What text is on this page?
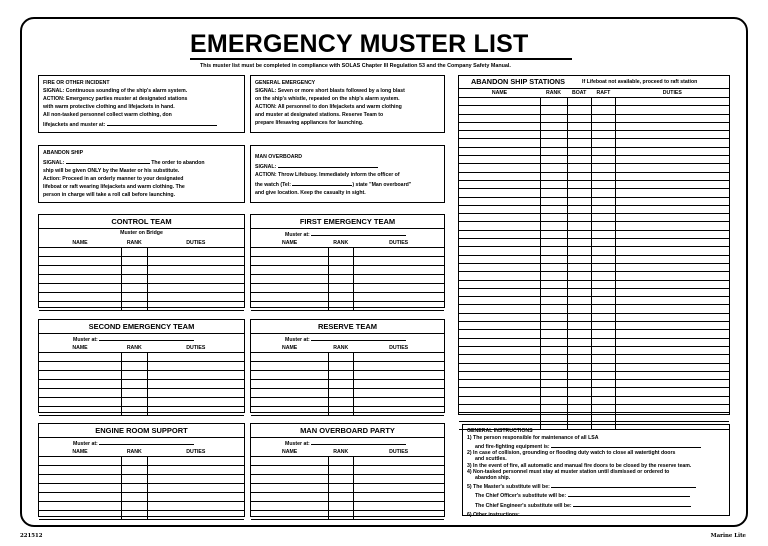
EMERGENCY MUSTER LIST
This muster list must be completed in compliance with SOLAS Chapter III Regulation 53 and the Company Safety Manual.
FIRE OR OTHER INCIDENT
SIGNAL: Continuous sounding of the ship's alarm system.
ACTION: Emergency parties muster at designated stations
with warm protective clothing and lifejackets in hand.
All non-tasked personnel collect warm clothing, don
lifejackets and muster at:
GENERAL EMERGENCY
SIGNAL: Seven or more short blasts followed by a long blast
on the ship's whistle, repeated on the ship's alarm system.
ACTION: All personnel to don lifejackets and warm clothing
and muster at designated stations. Reserve Team to
prepare lifesaving appliances for launching.
ABANDON SHIP
SIGNAL:	The order to abandon
ship will be given ONLY by the Master or his substitute.
Action: Proceed in an orderly manner to your designated
lifeboat or raft wearing lifejackets and warm clothing. The
person in charge will take a roll call before launching.
MAN OVERBOARD
SIGNAL:
ACTION: Throw Lifebuoy. Immediately inform the officer of
the watch (Tel:	) state "Man overboard"
and give location. Keep the casualty in sight.
CONTROL TEAM
Muster on Bridge
NAME	RANK	DUTIES

FIRST EMERGENCY TEAM
Muster at:
NAME	RANK	DUTIES

SECOND EMERGENCY TEAM
Muster at:
NAME	RANK	DUTIES

RESERVE TEAM
Muster at:
NAME	RANK	DUTIES

ENGINE ROOM SUPPORT
Muster at:
NAME	RANK	DUTIES

MAN OVERBOARD PARTY
Muster at:
NAME	RANK	DUTIES

ABANDON SHIP STATIONS	If Lifeboat not available, proceed to raft station
NAME	RANK	BOAT	RAFT	DUTIES

GENERAL INSTRUCTIONS
1) The person responsible for maintenance of all LSA
and fire-fighting equipment is:
2) In case of collision, grounding or flooding duty watch to close all watertight doors
and scuttles.
3) In the event of fire, all automatic and manual fire doors to be closed by the reserve team.
4) Non-tasked personnel must stay at muster station until dismissed or ordered to
abandon ship.
5) The Master's substitute will be:
The Chief Officer's substitute will be:
The Chief Engineer's substitute will be:
6) Other instructions:
221512	Marine Lite
